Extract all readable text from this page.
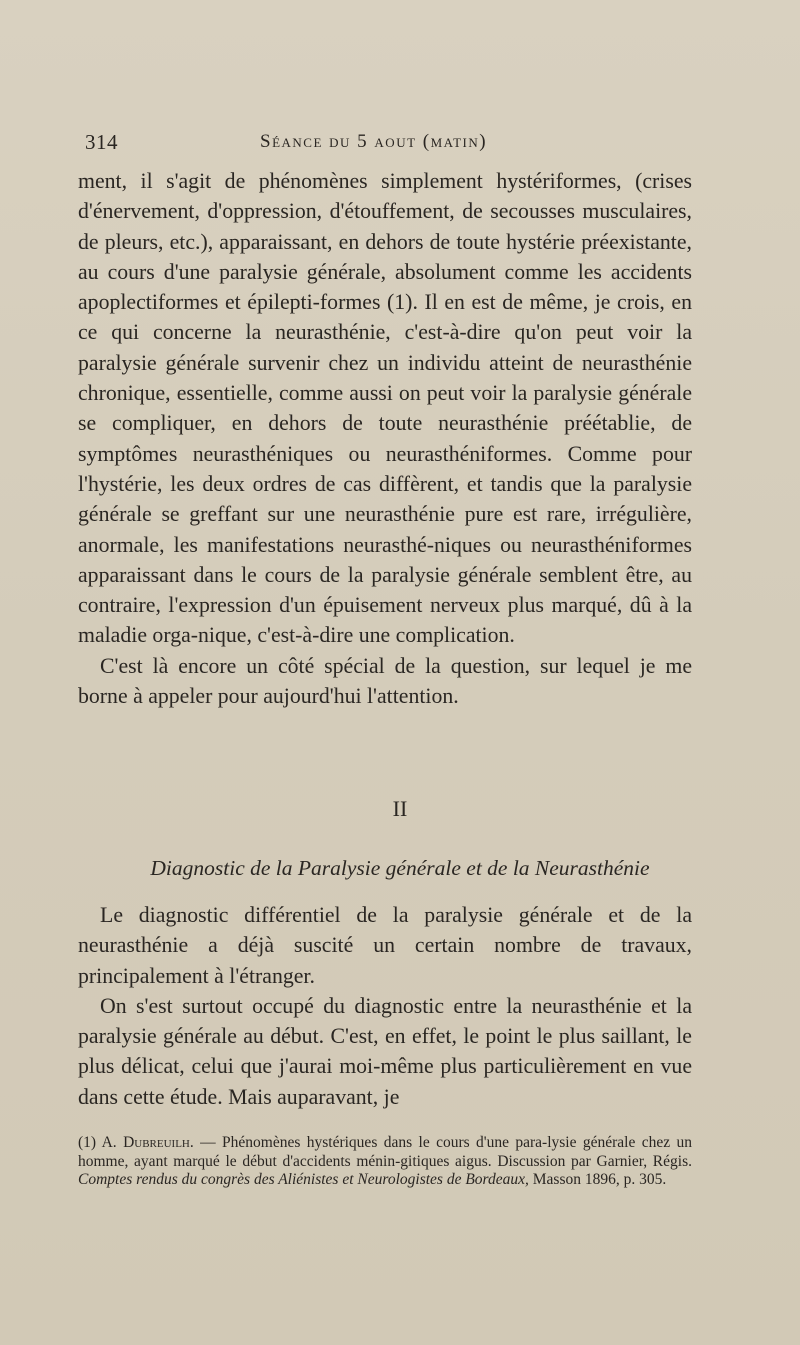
314	Séance du 5 aout (matin)

ment, il s'agit de phénomènes simplement hystériformes, (crises d'énervement, d'oppression, d'étouffement, de secousses musculaires, de pleurs, etc.), apparaissant, en dehors de toute hystérie préexistante, au cours d'une paralysie générale, absolument comme les accidents apoplectiformes et épilepti-formes (1). Il en est de même, je crois, en ce qui concerne la neurasthénie, c'est-à-dire qu'on peut voir la paralysie générale survenir chez un individu atteint de neurasthénie chronique, essentielle, comme aussi on peut voir la paralysie générale se compliquer, en dehors de toute neurasthénie préétablie, de symptômes neurasthéniques ou neurasthéniformes. Comme pour l'hystérie, les deux ordres de cas diffèrent, et tandis que la paralysie générale se greffant sur une neurasthénie pure est rare, irrégulière, anormale, les manifestations neurasthé-niques ou neurasthéniformes apparaissant dans le cours de la paralysie générale semblent être, au contraire, l'expression d'un épuisement nerveux plus marqué, dû à la maladie orga-nique, c'est-à-dire une complication.

C'est là encore un côté spécial de la question, sur lequel je me borne à appeler pour aujourd'hui l'attention.

II
Diagnostic de la Paralysie générale et de la Neurasthénie

Le diagnostic différentiel de la paralysie générale et de la neurasthénie a déjà suscité un certain nombre de travaux, principalement à l'étranger.

On s'est surtout occupé du diagnostic entre la neurasthénie et la paralysie générale au début. C'est, en effet, le point le plus saillant, le plus délicat, celui que j'aurai moi-même plus particulièrement en vue dans cette étude. Mais auparavant, je

(1) A. Dubreuilh. — Phénomènes hystériques dans le cours d'une para-lysie générale chez un homme, ayant marqué le début d'accidents ménin-gitiques aigus. Discussion par Garnier, Régis. Comptes rendus du congrès des Aliénistes et Neurologistes de Bordeaux, Masson 1896, p. 305.
